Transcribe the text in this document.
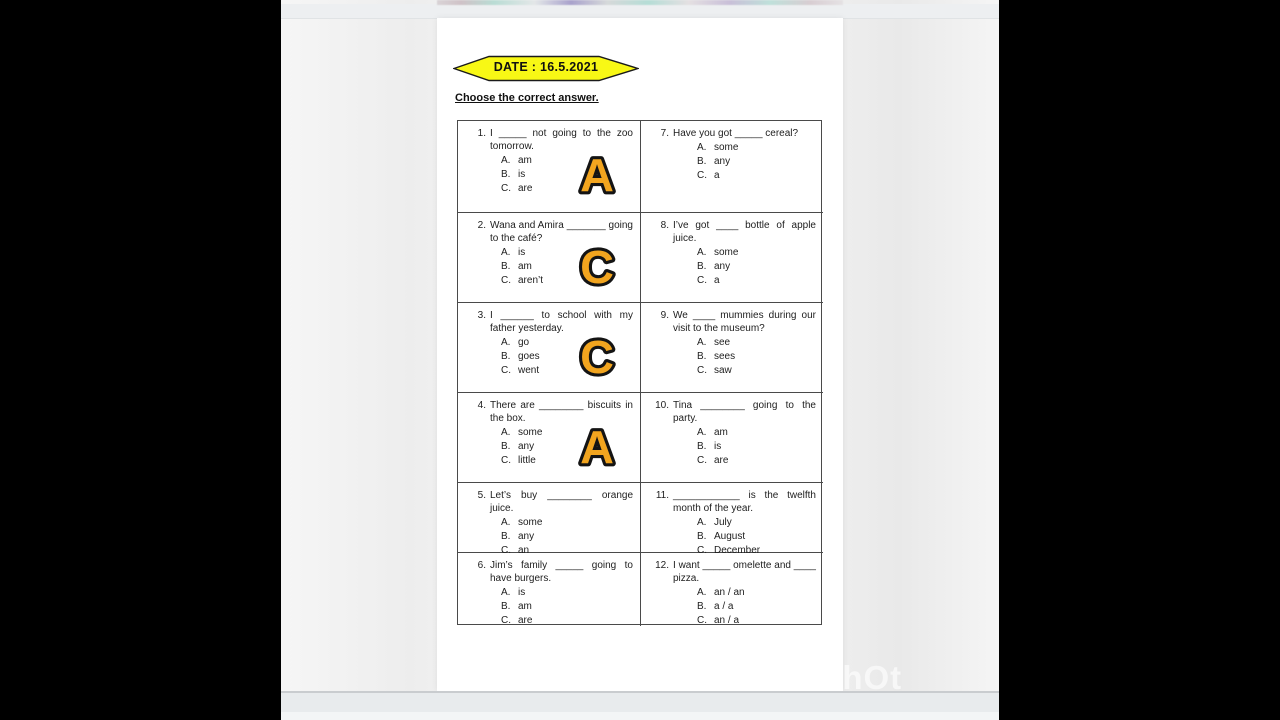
DATE : 16.5.2021
Choose the correct answer.
1. I _____ not going to the zoo tomorrow.
A. am
B. is
C. are A
2. Wana and Amira _______ going to the café?
A. is
B. am
C. aren’t C
3. I ______ to school with my father yesterday.
A. go
B. goes
C. went C
4. There are ________ biscuits in the box.
A. some
B. any
C. little A
5. Let’s buy ________ orange juice.
A. some
B. any
C. an
6. Jim’s family _____ going to have burgers.
A. is
B. am
C. are
7. Have you got _____ cereal?
A. some
B. any
C. a
8. I’ve got ____ bottle of apple juice.
A. some
B. any
C. a
9. We ____ mummies during our visit to the museum?
A. see
B. sees
C. saw
10. Tina ________ going to the party.
A. am
B. is
C. are
11. ____________ is the twelfth month of the year.
A. July
B. August
C. December
12. I want _____ omelette and ____ pizza.
A. an / an
B. a / a
C. an / a
InShOt
